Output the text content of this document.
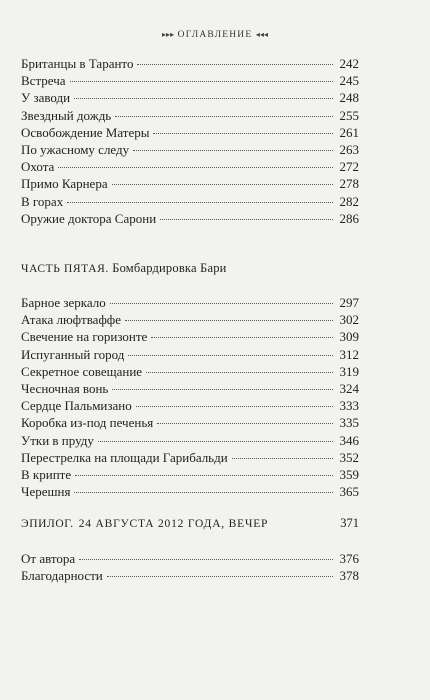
▸▸▸ ОГЛАВЛЕНИЕ ◂◂◂
Британцы в Таранто	242
Встреча	245
У заводи	248
Звездный дождь	255
Освобождение Матеры	261
По ужасному следу	263
Охота	272
Примо Карнера	278
В горах	282
Оружие доктора Сарони	286
ЧАСТЬ ПЯТАЯ. Бомбардировка Бари
Барное зеркало	297
Атака люфтваффе	302
Свечение на горизонте	309
Испуганный город	312
Секретное совещание	319
Чесночная вонь	324
Сердце Пальмизано	333
Коробка из-под печенья	335
Утки в пруду	346
Перестрелка на площади Гарибальди	352
В крипте	359
Черешня	365
ЭПИЛОГ. 24 АВГУСТА 2012 ГОДА, ВЕЧЕР	371
От автора	376
Благодарности	378
